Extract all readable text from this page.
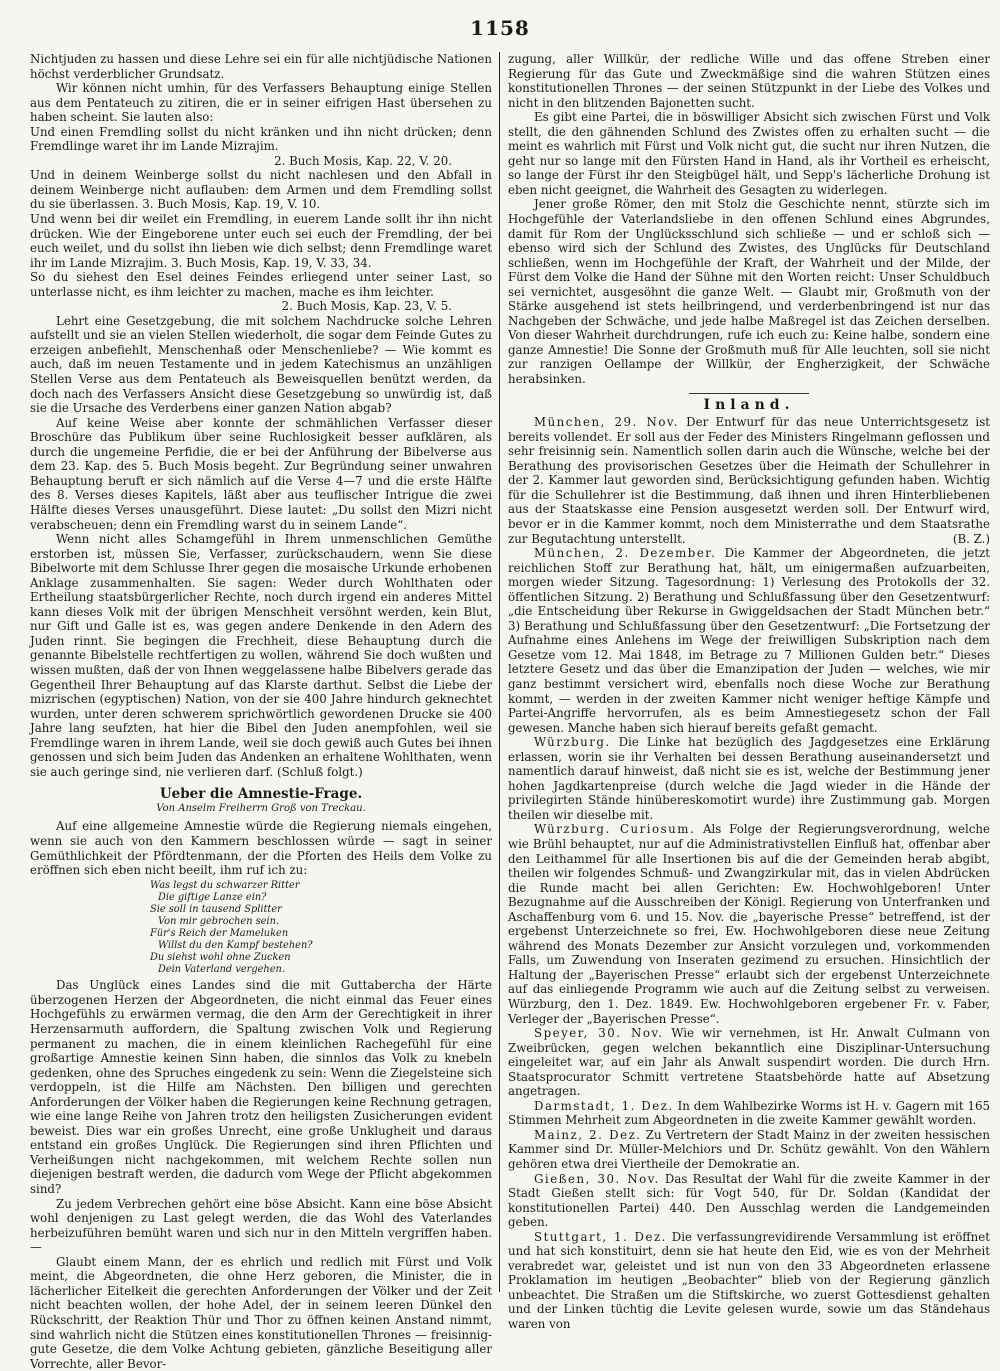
1158

Nichtjuden zu hassen und diese Lehre sei ein für alle nichtjüdische Nationen höchst verderblicher Grundsatz.

Wir können nicht umhin, für des Verfassers Behauptung einige Stellen aus dem Pentateuch zu zitiren, die er in seiner eifrigen Hast übersehen zu haben scheint. Sie lauten also:

Und einen Fremdling sollst du nicht kränken und ihn nicht drücken; denn Fremdlinge waret ihr im Lande Mizrajim.

2. Buch Mosis, Kap. 22, V. 20.

Und in deinem Weinberge sollst du nicht nachlesen und den Abfall in deinem Weinberge nicht auflauben: dem Armen und dem Fremdling sollst du sie überlassen. 3. Buch Mosis, Kap. 19, V. 10.

Und wenn bei dir weilet ein Fremdling, in euerem Lande sollt ihr ihn nicht drücken. Wie der Eingeborene unter euch sei euch der Fremdling, der bei euch weilet, und du sollst ihn lieben wie dich selbst; denn Fremdlinge waret ihr im Lande Mizrajim. 3. Buch Mosis, Kap. 19, V. 33, 34.

So du siehest den Esel deines Feindes erliegend unter seiner Last, so unterlasse nicht, es ihm leichter zu machen, mache es ihm leichter.

2. Buch Mosis, Kap. 23, V. 5.

Lehrt eine Gesetzgebung, die mit solchem Nachdrucke solche Lehren aufstellt und sie an vielen Stellen wiederholt, die sogar dem Feinde Gutes zu erzeigen anbefiehlt, Menschenhaß oder Menschenliebe? — Wie kommt es auch, daß im neuen Testamente und in jedem Katechismus an unzähligen Stellen Verse aus dem Pentateuch als Beweisquellen benützt werden, da doch nach des Verfassers Ansicht diese Gesetzgebung so unwürdig ist, daß sie die Ursache des Verderbens einer ganzen Nation abgab?

Auf keine Weise aber konnte der schmählichen Verfasser dieser Broschüre das Publikum über seine Ruchlosigkeit besser aufklären, als durch die ungemeine Perfidie, die er bei der Anführung der Bibelverse aus dem 23. Kap. des 5. Buch Mosis begeht. Zur Begründung seiner unwahren Behauptung beruft er sich nämlich auf die Verse 4—7 und die erste Hälfte des 8. Verses dieses Kapitels, läßt aber aus teuflischer Intrigue die zwei Hälfte dieses Verses unausgeführt. Diese lautet: „Du sollst den Mizri nicht verabscheuen; denn ein Fremdling warst du in seinem Lande“.

Wenn nicht alles Schamgefühl in Ihrem unmenschlichen Gemüthe erstorben ist, müssen Sie, Verfasser, zurückschaudern, wenn Sie diese Bibelworte mit dem Schlusse Ihrer gegen die mosaische Urkunde erhobenen Anklage zusammenhalten. Sie sagen: Weder durch Wohlthaten oder Ertheilung staatsbürgerlicher Rechte, noch durch irgend ein anderes Mittel kann dieses Volk mit der übrigen Menschheit versöhnt werden, kein Blut, nur Gift und Galle ist es, was gegen andere Denkende in den Adern des Juden rinnt. Sie begingen die Frechheit, diese Behauptung durch die genannte Bibelstelle rechtfertigen zu wollen, während Sie doch wußten und wissen mußten, daß der von Ihnen weggelassene halbe Bibelvers gerade das Gegentheil Ihrer Behauptung auf das Klarste darthut. Selbst die Liebe der mizrischen (egyptischen) Nation, von der sie 400 Jahre hindurch geknechtet wurden, unter deren schwerem sprichwörtlich gewordenen Drucke sie 400 Jahre lang seufzten, hat hier die Bibel den Juden anempfohlen, weil sie Fremdlinge waren in ihrem Lande, weil sie doch gewiß auch Gutes bei ihnen genossen und sich beim Juden das Andenken an erhaltene Wohlthaten, wenn sie auch geringe sind, nie verlieren darf. (Schluß folgt.)

Ueber die Amnestie-Frage.
Von Anselm Freiherrn Groß von Treckau.

Auf eine allgemeine Amnestie würde die Regierung niemals eingehen, wenn sie auch von den Kammern beschlossen würde — sagt in seiner Gemüthlichkeit der Pfördtenmann, der die Pforten des Heils dem Volke zu eröffnen sich eben nicht beeilt, ihm ruf ich zu:

Was legst du schwarzer Ritter
Die giftige Lanze ein?
Sie soll in tausend Splitter
Von mir gebrochen sein.
Für's Reich der Mameluken
Willst du den Kampf bestehen?
Du siehst wohl ohne Zucken
Dein Vaterland vergehen.

Das Unglück eines Landes sind die mit Guttabercha der Härte überzogenen Herzen der Abgeordneten, die nicht einmal das Feuer eines Hochgefühls zu erwärmen vermag, die den Arm der Gerechtigkeit in ihrer Herzensarmuth auffordern, die Spaltung zwischen Volk und Regierung permanent zu machen, die in einem kleinlichen Rachegefühl für eine großartige Amnestie keinen Sinn haben, die sinnlos das Volk zu knebeln gedenken, ohne des Spruches eingedenk zu sein: Wenn die Ziegelsteine sich verdoppeln, ist die Hilfe am Nächsten. Den billigen und gerechten Anforderungen der Völker haben die Regierungen keine Rechnung getragen, wie eine lange Reihe von Jahren trotz den heiligsten Zusicherungen evident beweist. Dies war ein großes Unrecht, eine große Unklugheit und daraus entstand ein großes Unglück. Die Regierungen sind ihren Pflichten und Verheißungen nicht nachgekommen, mit welchem Rechte sollen nun diejenigen bestraft werden, die dadurch vom Wege der Pflicht abgekommen sind?

Zu jedem Verbrechen gehört eine böse Absicht. Kann eine böse Absicht wohl denjenigen zu Last gelegt werden, die das Wohl des Vaterlandes herbeizuführen bemüht waren und sich nur in den Mitteln vergriffen haben. —

Glaubt einem Mann, der es ehrlich und redlich mit Fürst und Volk meint, die Abgeordneten, die ohne Herz geboren, die Minister, die in lächerlicher Eitelkeit die gerechten Anforderungen der Völker und der Zeit nicht beachten wollen, der hohe Adel, der in seinem leeren Dünkel den Rückschritt, der Reaktion Thür und Thor zu öffnen keinen Anstand nimmt, sind wahrlich nicht die Stützen eines konstitutionellen Thrones — freisinnig-gute Gesetze, die dem Volke Achtung gebieten, gänzliche Beseitigung aller Vorrechte, aller Bevor-

zugung, aller Willkür, der redliche Wille und das offene Streben einer Regierung für das Gute und Zweckmäßige sind die wahren Stützen eines konstitutionellen Thrones — der seinen Stützpunkt in der Liebe des Volkes und nicht in den blitzenden Bajonetten sucht.

Es gibt eine Partei, die in böswilliger Absicht sich zwischen Fürst und Volk stellt, die den gähnenden Schlund des Zwistes offen zu erhalten sucht — die meint es wahrlich mit Fürst und Volk nicht gut, die sucht nur ihren Nutzen, die geht nur so lange mit den Fürsten Hand in Hand, als ihr Vortheil es erheischt, so lange der Fürst ihr den Steigbügel hält, und Sepp's lächerliche Drohung ist eben nicht geeignet, die Wahrheit des Gesagten zu widerlegen.

Jener große Römer, den mit Stolz die Geschichte nennt, stürzte sich im Hochgefühle der Vaterlandsliebe in den offenen Schlund eines Abgrundes, damit für Rom der Unglücksschlund sich schließe — und er schloß sich — ebenso wird sich der Schlund des Zwistes, des Unglücks für Deutschland schließen, wenn im Hochgefühle der Kraft, der Wahrheit und der Milde, der Fürst dem Volke die Hand der Sühne mit den Worten reicht: Unser Schuldbuch sei vernichtet, ausgesöhnt die ganze Welt. — Glaubt mir, Großmuth von der Stärke ausgehend ist stets heilbringend, und verderbenbringend ist nur das Nachgeben der Schwäche, und jede halbe Maßregel ist das Zeichen derselben. Von dieser Wahrheit durchdrungen, rufe ich euch zu: Keine halbe, sondern eine ganze Amnestie! Die Sonne der Großmuth muß für Alle leuchten, soll sie nicht zur ranzigen Oellampe der Willkür, der Engherzigkeit, der Schwäche herabsinken.

Inland.

München, 29. Nov. Der Entwurf für das neue Unterrichtsgesetz ist bereits vollendet. Er soll aus der Feder des Ministers Ringelmann geflossen und sehr freisinnig sein. Namentlich sollen darin auch die Wünsche, welche bei der Berathung des provisorischen Gesetzes über die Heimath der Schullehrer in der 2. Kammer laut geworden sind, Berücksichtigung gefunden haben. Wichtig für die Schullehrer ist die Bestimmung, daß ihnen und ihren Hinterbliebenen aus der Staatskasse eine Pension ausgesetzt werden soll. Der Entwurf wird, bevor er in die Kammer kommt, noch dem Ministerrathe und dem Staatsrathe zur Begutachtung unterstellt.	(B. Z.)

München, 2. Dezember. Die Kammer der Abgeordneten, die jetzt reichlichen Stoff zur Berathung hat, hält, um einigermaßen aufzuarbeiten, morgen wieder Sitzung. Tagesordnung: 1) Verlesung des Protokolls der 32. öffentlichen Sitzung. 2) Berathung und Schlußfassung über den Gesetzentwurf: „die Entscheidung über Rekurse in Gwiggeldsachen der Stadt München betr.“ 3) Berathung und Schlußfassung über den Gesetzentwurf: „Die Fortsetzung der Aufnahme eines Anlehens im Wege der freiwilligen Subskription nach dem Gesetze vom 12. Mai 1848, im Betrage zu 7 Millionen Gulden betr.“ Dieses letztere Gesetz und das über die Emanzipation der Juden — welches, wie mir ganz bestimmt versichert wird, ebenfalls noch diese Woche zur Berathung kommt, — werden in der zweiten Kammer nicht weniger heftige Kämpfe und Partei-Angriffe hervorrufen, als es beim Amnestiegesetz schon der Fall gewesen. Manche haben sich hierauf bereits gefaßt gemacht.

Würzburg. Die Linke hat bezüglich des Jagdgesetzes eine Erklärung erlassen, worin sie ihr Verhalten bei dessen Berathung auseinandersetzt und namentlich darauf hinweist, daß nicht sie es ist, welche der Bestimmung jener hohen Jagdkartenpreise (durch welche die Jagd wieder in die Hände der privilegirten Stände hinübereskomotirt wurde) ihre Zustimmung gab. Morgen theilen wir dieselbe mit.

Würzburg. Curiosum. Als Folge der Regierungsverordnung, welche wie Brühl behauptet, nur auf die Administrativstellen Einfluß hat, offenbar aber den Leithammel für alle Insertionen bis auf die der Gemeinden herab abgibt, theilen wir folgendes Schmuß- und Zwangzirkular mit, das in vielen Abdrücken die Runde macht bei allen Gerichten: Ew. Hochwohlgeboren! Unter Bezugnahme auf die Ausschreiben der Königl. Regierung von Unterfranken und Aschaffenburg vom 6. und 15. Nov. die „bayerische Presse“ betreffend, ist der ergebenst Unterzeichnete so frei, Ew. Hochwohlgeboren diese neue Zeitung während des Monats Dezember zur Ansicht vorzulegen und, vorkommenden Falls, um Zuwendung von Inseraten gezimend zu ersuchen. Hinsichtlich der Haltung der „Bayerischen Presse“ erlaubt sich der ergebenst Unterzeichnete auf das einliegende Programm wie auch auf die Zeitung selbst zu verweisen. Würzburg, den 1. Dez. 1849. Ew. Hochwohlgeboren ergebener Fr. v. Faber, Verleger der „Bayerischen Presse“.

Speyer, 30. Nov. Wie wir vernehmen, ist Hr. Anwalt Culmann von Zweibrücken, gegen welchen bekanntlich eine Disziplinar-Untersuchung eingeleitet war, auf ein Jahr als Anwalt suspendirt worden. Die durch Hrn. Staatsprocurator Schmitt vertretene Staatsbehörde hatte auf Absetzung angetragen.

Darmstadt, 1. Dez. In dem Wahlbezirke Worms ist H. v. Gagern mit 165 Stimmen Mehrheit zum Abgeordneten in die zweite Kammer gewählt worden.

Mainz, 2. Dez. Zu Vertretern der Stadt Mainz in der zweiten hessischen Kammer sind Dr. Müller-Melchiors und Dr. Schütz gewählt. Von den Wählern gehören etwa drei Viertheile der Demokratie an.

Gießen, 30. Nov. Das Resultat der Wahl für die zweite Kammer in der Stadt Gießen stellt sich: für Vogt 540, für Dr. Soldan (Kandidat der konstitutionellen Partei) 440. Den Ausschlag werden die Landgemeinden geben.

Stuttgart, 1. Dez. Die verfassungrevidirende Versammlung ist eröffnet und hat sich konstituirt, denn sie hat heute den Eid, wie es von der Mehrheit verabredet war, geleistet und ist nun von den 33 Abgeordneten erlassene Proklamation im heutigen „Beobachter“ blieb von der Regierung gänzlich unbeachtet. Die Straßen um die Stiftskirche, wo zuerst Gottesdienst gehalten und der Linken tüchtig die Levite gelesen wurde, sowie um das Ständehaus waren von
